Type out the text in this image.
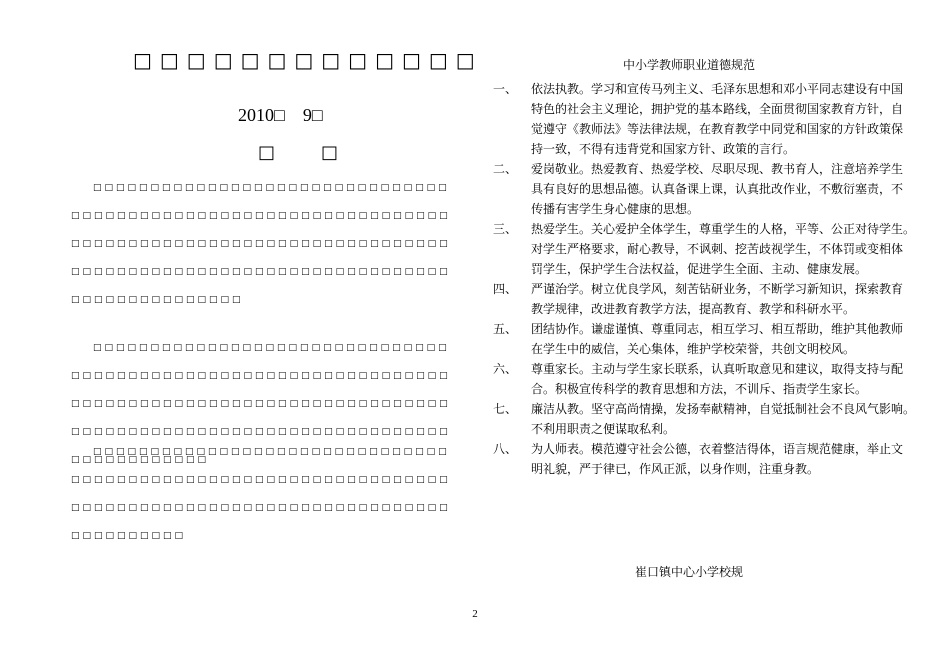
□□□□□□□□□□□□□
2010□　9□
□　□
□□□□□□□□□□□□□□□□□□□□□□□□□□□□□□□
□□□□□□□□□□□□□□□□□□□□□□□□□□□□□□□□□
□□□□□□□□□□□□□□□□□□□□□□□□□□□□□□□□□
□□□□□□□□□□□□□□□□□□□□□□□□□□□□□□□□□
□□□□□□□□□□□□□□□
□□□□□□□□□□□□□□□□□□□□□□□□□□□□□□□
□□□□□□□□□□□□□□□□□□□□□□□□□□□□□□□□□
□□□□□□□□□□□□□□□□□□□□□□□□□□□□□□□□□
□□□□□□□□□□□□□□□□□□□□□□□□□□□□□□□□□
□□□□□□□□□□□□
□□□□□□□□□□□□□□□□□□□□□□□□□□□□□□□
□□□□□□□□□□□□□□□□□□□□□□□□□□□□□□□□□
□□□□□□□□□□□□□□□□□□□□□□□□□□□□□□□□□
□□□□□□□□□□
中小学教师职业道德规范
一、	依法执教。学习和宣传马列主义、毛泽东思想和邓小平同志建设有中国
特色的社会主义理论，拥护党的基本路线，全面贯彻国家教育方针，自
觉遵守《教师法》等法律法规，在教育教学中同党和国家的方针政策保
持一致，不得有违背党和国家方针、政策的言行。
二、	爱岗敬业。热爱教育、热爱学校、尽职尽现、教书育人，注意培养学生
具有良好的思想品德。认真备课上课，认真批改作业，不敷衍塞责，不
传播有害学生身心健康的思想。
三、	热爱学生。关心爱护全体学生，尊重学生的人格，平等、公正对待学生。
对学生严格要求，耐心教导，不讽刺、挖苦歧视学生，不体罚或变相体
罚学生，保护学生合法权益，促进学生全面、主动、健康发展。
四、	严谨治学。树立优良学风，刻苦钻研业务，不断学习新知识，探索教育
教学规律，改进教育教学方法，提高教育、教学和科研水平。
五、	团结协作。谦虚谨慎、尊重同志，相互学习、相互帮助，维护其他教师
在学生中的威信，关心集体，维护学校荣誉，共创文明校风。
六、	尊重家长。主动与学生家长联系，认真听取意见和建议，取得支持与配
合。积极宣传科学的教育思想和方法，不训斥、指责学生家长。
七、	廉洁从教。坚守高尚情操，发扬奉献精神，自觉抵制社会不良风气影响。
不利用职责之便谋取私利。
八、	为人师表。模范遵守社会公德，衣着整洁得体，语言规范健康，举止文
明礼貌，严于律已，作风正派，以身作则，注重身教。
崔口镇中心小学校规
2
